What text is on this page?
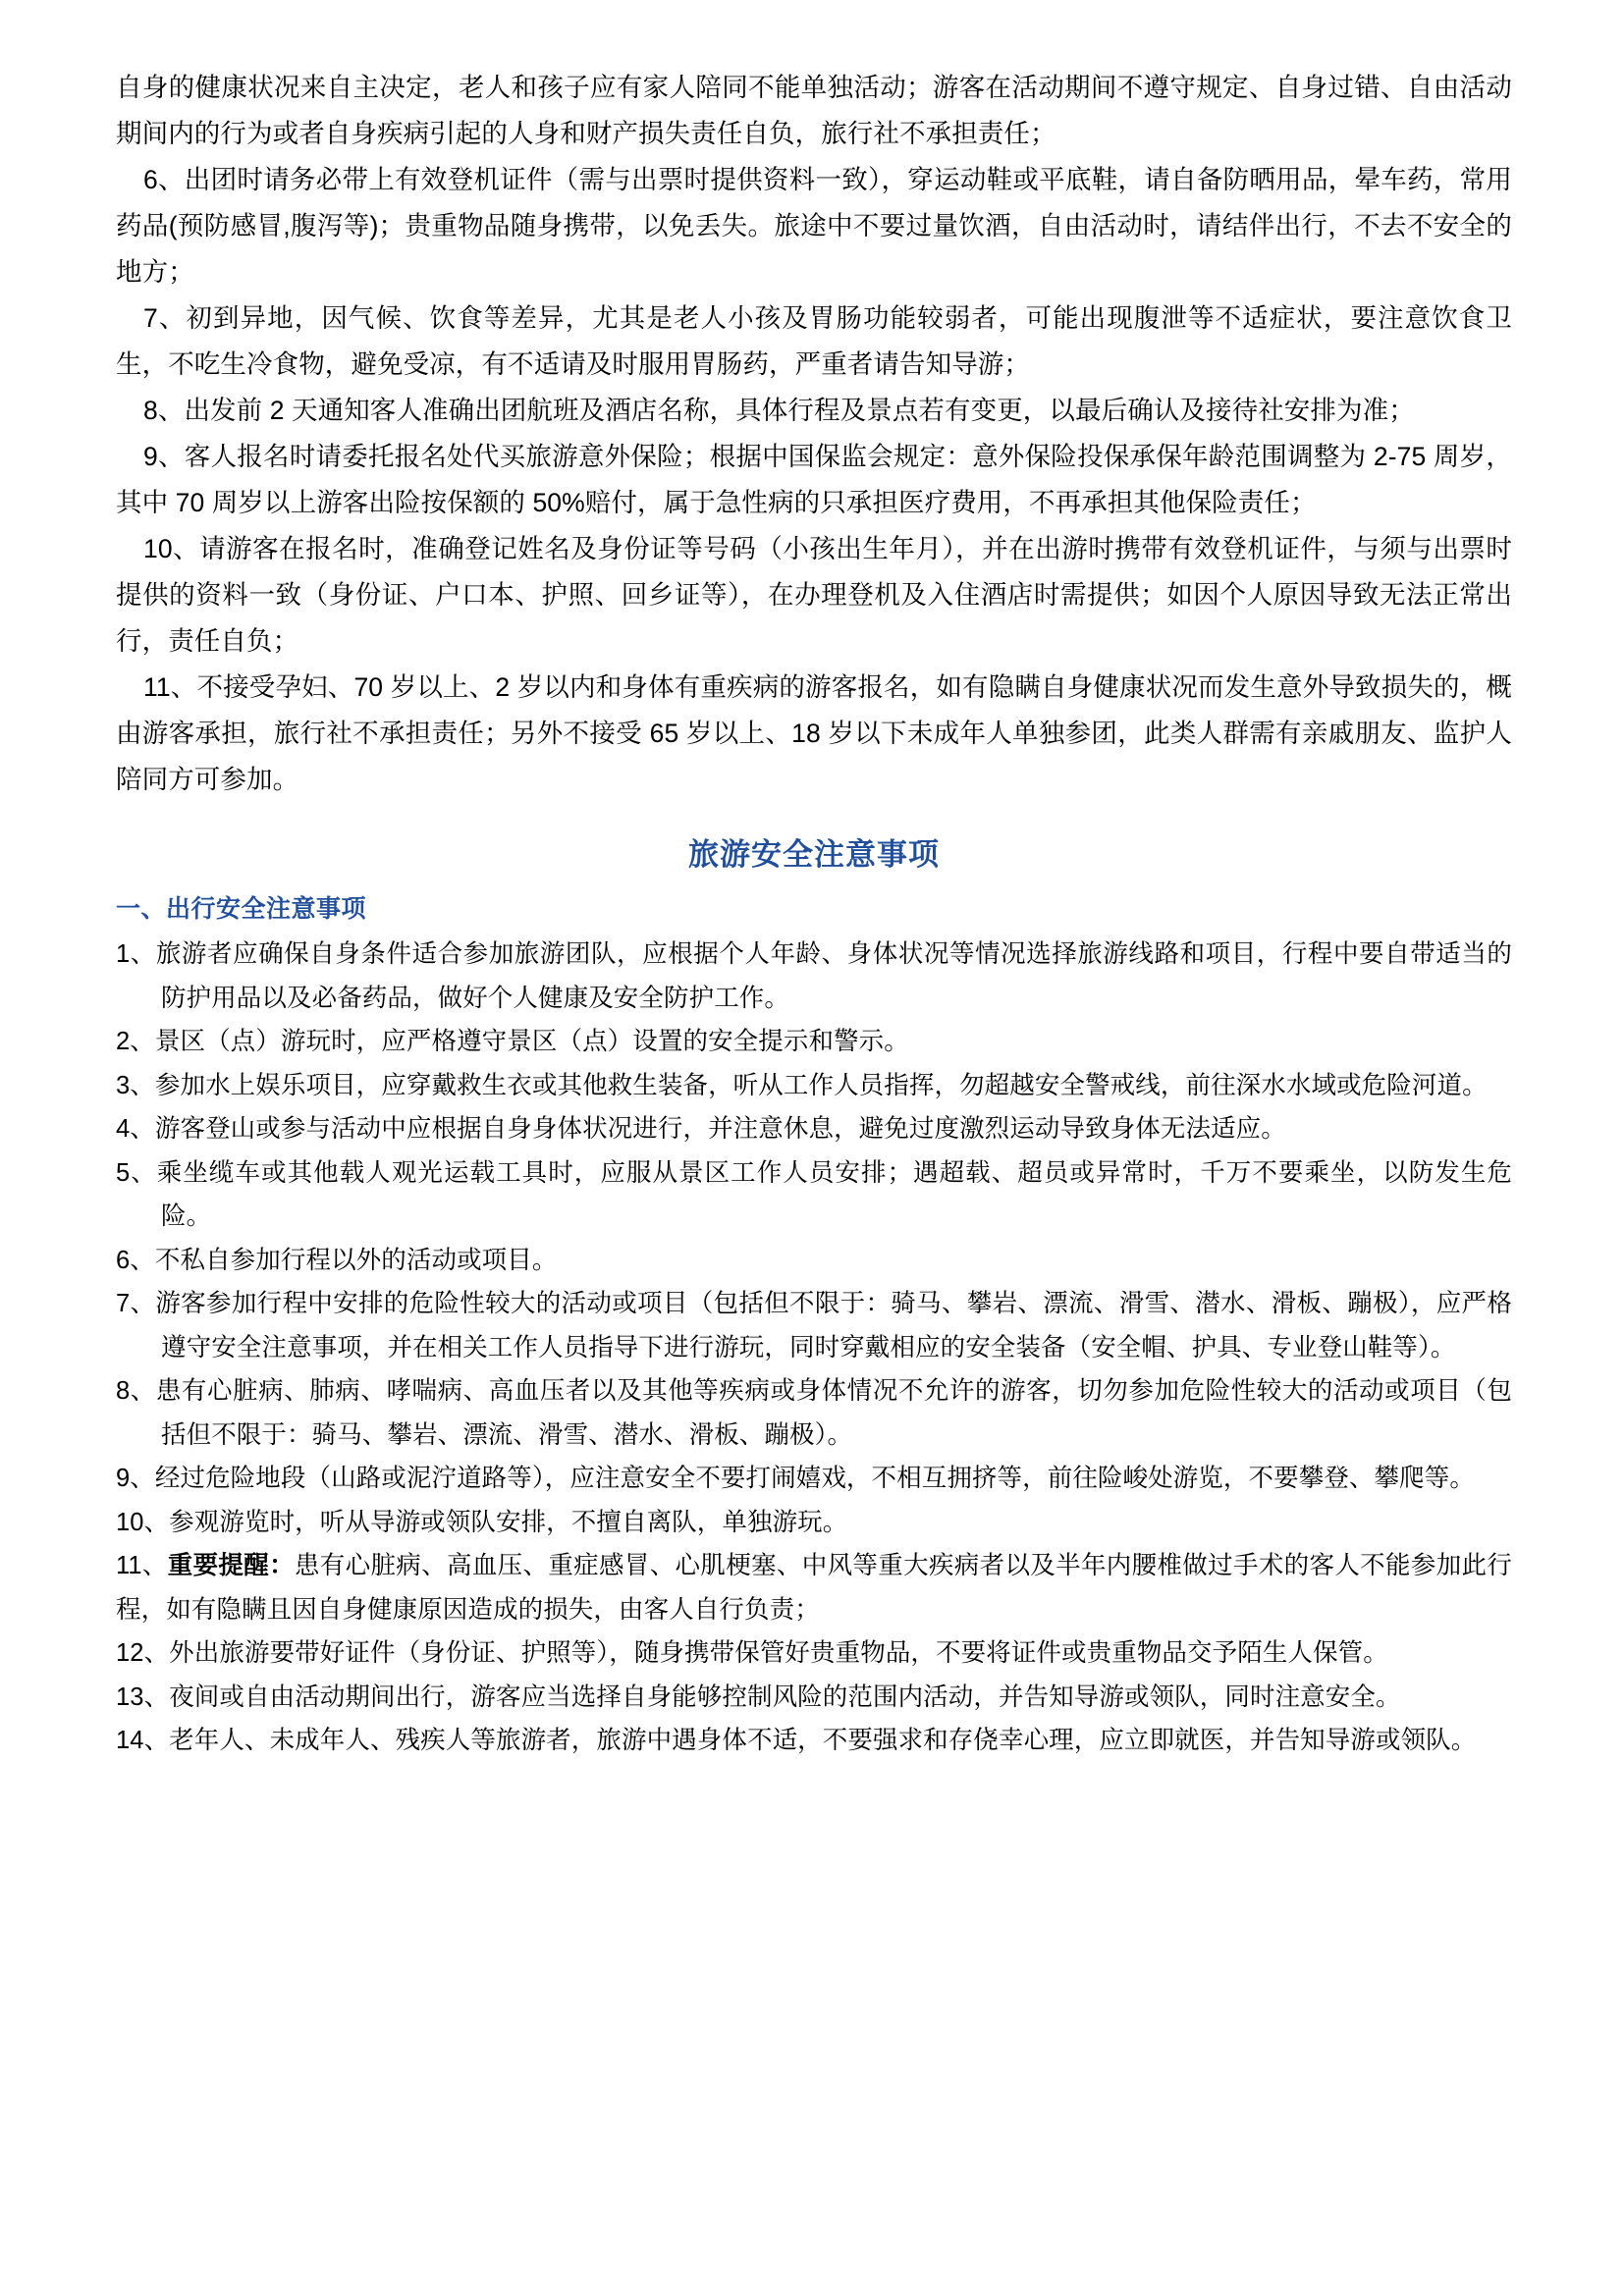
自身的健康状况来自主决定，老人和孩子应有家人陪同不能单独活动；游客在活动期间不遵守规定、自身过错、自由活动期间内的行为或者自身疾病引起的人身和财产损失责任自负，旅行社不承担责任；

6、出团时请务必带上有效登机证件（需与出票时提供资料一致），穿运动鞋或平底鞋，请自备防晒用品，晕车药，常用药品(预防感冒,腹泻等)；贵重物品随身携带，以免丢失。旅途中不要过量饮酒，自由活动时，请结伴出行，不去不安全的地方；

7、初到异地，因气候、饮食等差异，尤其是老人小孩及胃肠功能较弱者，可能出现腹泄等不适症状，要注意饮食卫生，不吃生冷食物，避免受凉，有不适请及时服用胃肠药，严重者请告知导游；

8、出发前 2 天通知客人准确出团航班及酒店名称，具体行程及景点若有变更，以最后确认及接待社安排为准；

9、客人报名时请委托报名处代买旅游意外保险；根据中国保监会规定：意外保险投保承保年龄范围调整为 2-75 周岁，其中 70 周岁以上游客出险按保额的 50%赔付，属于急性病的只承担医疗费用，不再承担其他保险责任；

10、请游客在报名时，准确登记姓名及身份证等号码（小孩出生年月），并在出游时携带有效登机证件，与须与出票时提供的资料一致（身份证、户口本、护照、回乡证等），在办理登机及入住酒店时需提供；如因个人原因导致无法正常出行，责任自负；

11、不接受孕妇、70 岁以上、2 岁以内和身体有重疾病的游客报名，如有隐瞒自身健康状况而发生意外导致损失的，概由游客承担，旅行社不承担责任；另外不接受 65 岁以上、18 岁以下未成年人单独参团，此类人群需有亲戚朋友、监护人陪同方可参加。

旅游安全注意事项
一、出行安全注意事项
1、旅游者应确保自身条件适合参加旅游团队，应根据个人年龄、身体状况等情况选择旅游线路和项目，行程中要自带适当的防护用品以及必备药品，做好个人健康及安全防护工作。
2、景区（点）游玩时，应严格遵守景区（点）设置的安全提示和警示。
3、参加水上娱乐项目，应穿戴救生衣或其他救生装备，听从工作人员指挥，勿超越安全警戒线，前往深水水域或危险河道。
4、游客登山或参与活动中应根据自身身体状况进行，并注意休息，避免过度激烈运动导致身体无法适应。
5、乘坐缆车或其他载人观光运载工具时，应服从景区工作人员安排；遇超载、超员或异常时，千万不要乘坐，以防发生危险。
6、不私自参加行程以外的活动或项目。
7、游客参加行程中安排的危险性较大的活动或项目（包括但不限于：骑马、攀岩、漂流、滑雪、潜水、滑板、蹦极），应严格遵守安全注意事项，并在相关工作人员指导下进行游玩，同时穿戴相应的安全装备（安全帽、护具、专业登山鞋等）。
8、患有心脏病、肺病、哮喘病、高血压者以及其他等疾病或身体情况不允许的游客，切勿参加危险性较大的活动或项目（包括但不限于：骑马、攀岩、漂流、滑雪、潜水、滑板、蹦极）。
9、经过危险地段（山路或泥泞道路等），应注意安全不要打闹嬉戏，不相互拥挤等，前往险峻处游览，不要攀登、攀爬等。
10、参观游览时，听从导游或领队安排，不擅自离队，单独游玩。
11、重要提醒：患有心脏病、高血压、重症感冒、心肌梗塞、中风等重大疾病者以及半年内腰椎做过手术的客人不能参加此行程，如有隐瞒且因自身健康原因造成的损失，由客人自行负责；
12、外出旅游要带好证件（身份证、护照等），随身携带保管好贵重物品，不要将证件或贵重物品交予陌生人保管。
13、夜间或自由活动期间出行，游客应当选择自身能够控制风险的范围内活动，并告知导游或领队，同时注意安全。
14、老年人、未成年人、残疾人等旅游者，旅游中遇身体不适，不要强求和存侥幸心理，应立即就医，并告知导游或领队。
